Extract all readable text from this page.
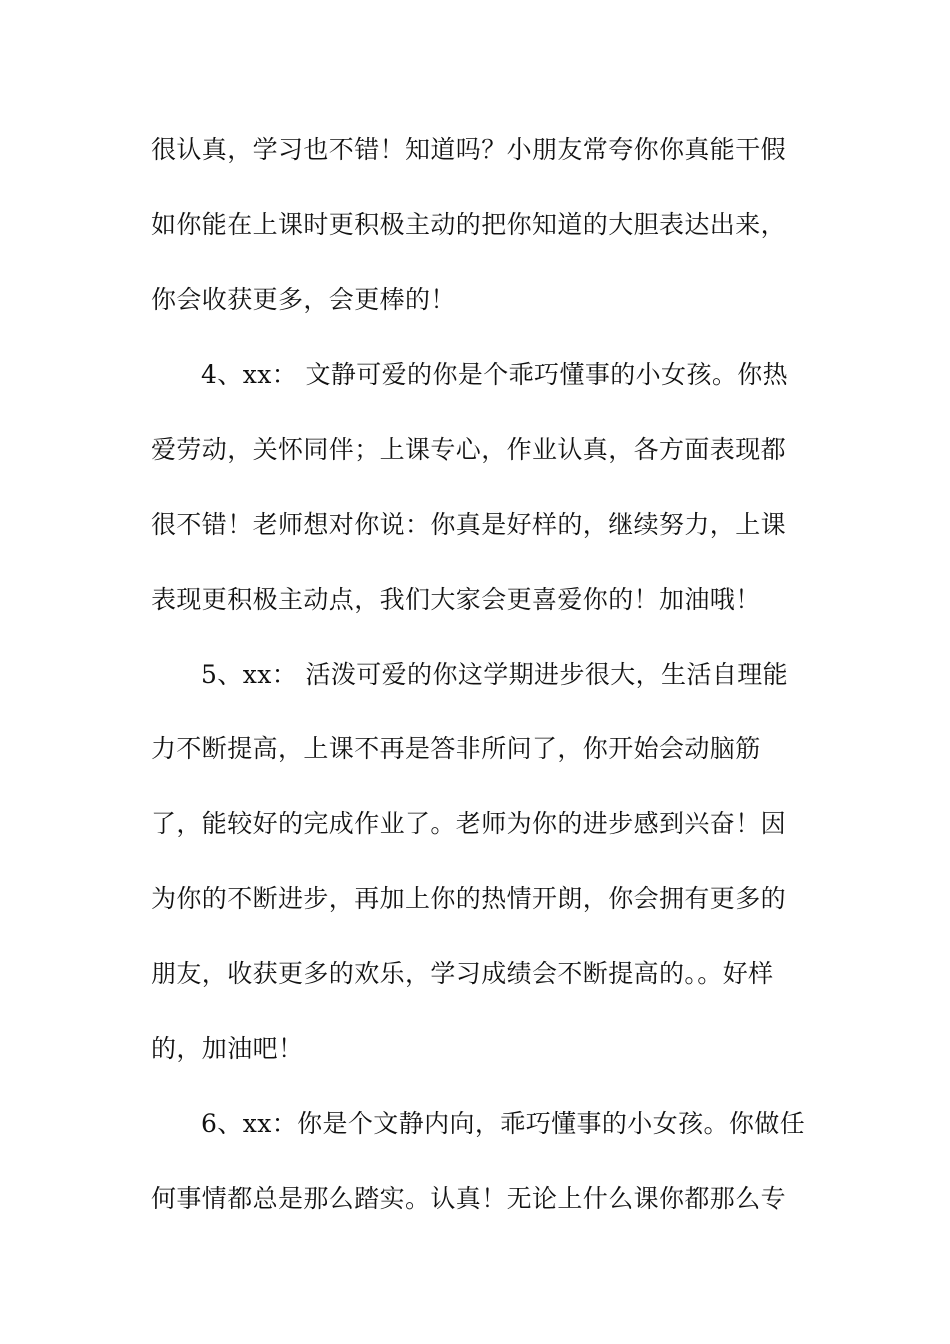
很认真，学习也不错！知道吗？小朋友常夸你你真能干假
如你能在上课时更积极主动的把你知道的大胆表达出来，
你会收获更多，会更棒的！
4、xx： 文静可爱的你是个乖巧懂事的小女孩。你热
爱劳动，关怀同伴；上课专心，作业认真，各方面表现都
很不错！老师想对你说：你真是好样的，继续努力，上课
表现更积极主动点，我们大家会更喜爱你的！加油哦！
5、xx： 活泼可爱的你这学期进步很大，生活自理能
力不断提高，上课不再是答非所问了，你开始会动脑筋
了，能较好的完成作业了。老师为你的进步感到兴奋！因
为你的不断进步，再加上你的热情开朗，你会拥有更多的
朋友，收获更多的欢乐，学习成绩会不断提高的。。好样
的，加油吧！
6、xx：你是个文静内向，乖巧懂事的小女孩。你做任
何事情都总是那么踏实。认真！无论上什么课你都那么专
